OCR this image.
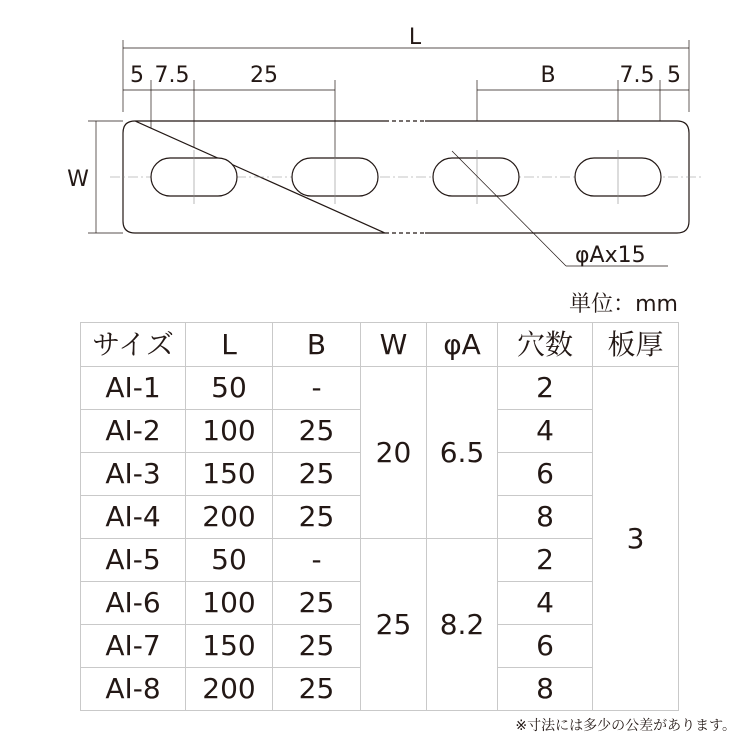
L
5 7.5	25	B	7.5 5
W
φAx15
単位：mm
サイズ	L	B	W	φA	穴数	板厚
AI-1	50	-	20	6.5	2	3
AI-2	100	25			4	
AI-3	150	25			6	
AI-4	200	25			8	
AI-5	50	-	25	8.2	2	
AI-6	100	25			4	
AI-7	150	25			6	
AI-8	200	25			8	
※寸法には多少の公差があります。
